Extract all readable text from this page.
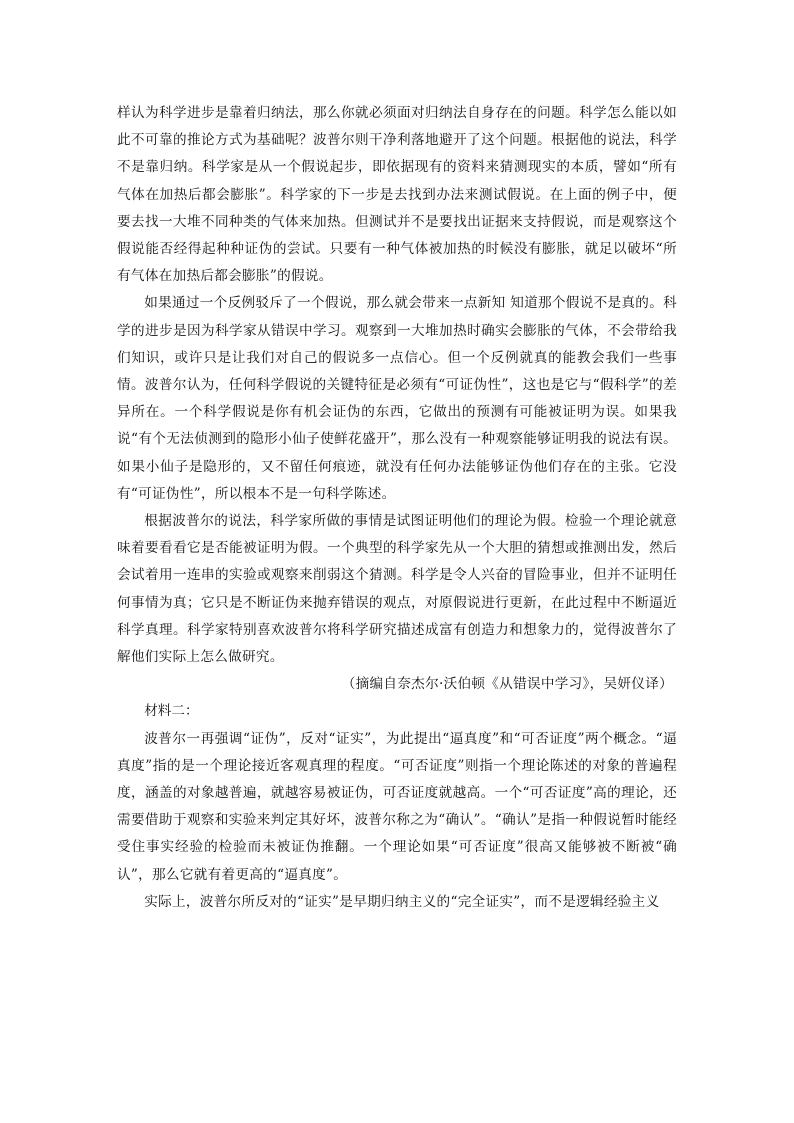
样认为科学进步是靠着归纳法，那么你就必须面对归纳法自身存在的问题。科学怎么能以如此不可靠的推论方式为基础呢？波普尔则干净利落地避开了这个问题。根据他的说法，科学不是靠归纳。科学家是从一个假说起步，即依据现有的资料来猜测现实的本质，譬如“所有气体在加热后都会膨胀”。科学家的下一步是去找到办法来测试假说。在上面的例子中，便要去找一大堆不同种类的气体来加热。但测试并不是要找出证据来支持假说，而是观察这个假说能否经得起种种证伪的尝试。只要有一种气体被加热的时候没有膨胀，就足以破坏“所有气体在加热后都会膨胀”的假说。

如果通过一个反例驳斥了一个假说，那么就会带来一点新知 知道那个假说不是真的。科学的进步是因为科学家从错误中学习。观察到一大堆加热时确实会膨胀的气体，不会带给我们知识，或许只是让我们对自己的假说多一点信心。但一个反例就真的能教会我们一些事情。波普尔认为，任何科学假说的关键特征是必须有“可证伪性”，这也是它与“假科学”的差异所在。一个科学假说是你有机会证伪的东西，它做出的预测有可能被证明为误。如果我说“有个无法侦测到的隐形小仙子使鲜花盛开”，那么没有一种观察能够证明我的说法有误。如果小仙子是隐形的，又不留任何痕迹，就没有任何办法能够证伪他们存在的主张。它没有“可证伪性”，所以根本不是一句科学陈述。

根据波普尔的说法，科学家所做的事情是试图证明他们的理论为假。检验一个理论就意味着要看看它是否能被证明为假。一个典型的科学家先从一个大胆的猜想或推测出发，然后会试着用一连串的实验或观察来削弱这个猜测。科学是令人兴奋的冒险事业，但并不证明任何事情为真；它只是不断证伪来抛弃错误的观点，对原假说进行更新，在此过程中不断逼近科学真理。科学家特别喜欢波普尔将科学研究描述成富有创造力和想象力的，觉得波普尔了解他们实际上怎么做研究。

（摘编自奈杰尔·沃伯顿《从错误中学习》，吴妍仪译）

材料二：

波普尔一再强调“证伪”，反对“证实”，为此提出“逼真度”和“可否证度”两个概念。“逼真度”指的是一个理论接近客观真理的程度。“可否证度”则指一个理论陈述的对象的普遍程度，涵盖的对象越普遍，就越容易被证伪，可否证度就越高。一个“可否证度”高的理论，还需要借助于观察和实验来判定其好坏，波普尔称之为“确认”。“确认”是指一种假说暂时能经受住事实经验的检验而未被证伪推翻。一个理论如果“可否证度”很高又能够被不断被“确认”，那么它就有着更高的“逼真度”。

实际上，波普尔所反对的“证实”是早期归纳主义的“完全证实”，而不是逻辑经验主义
